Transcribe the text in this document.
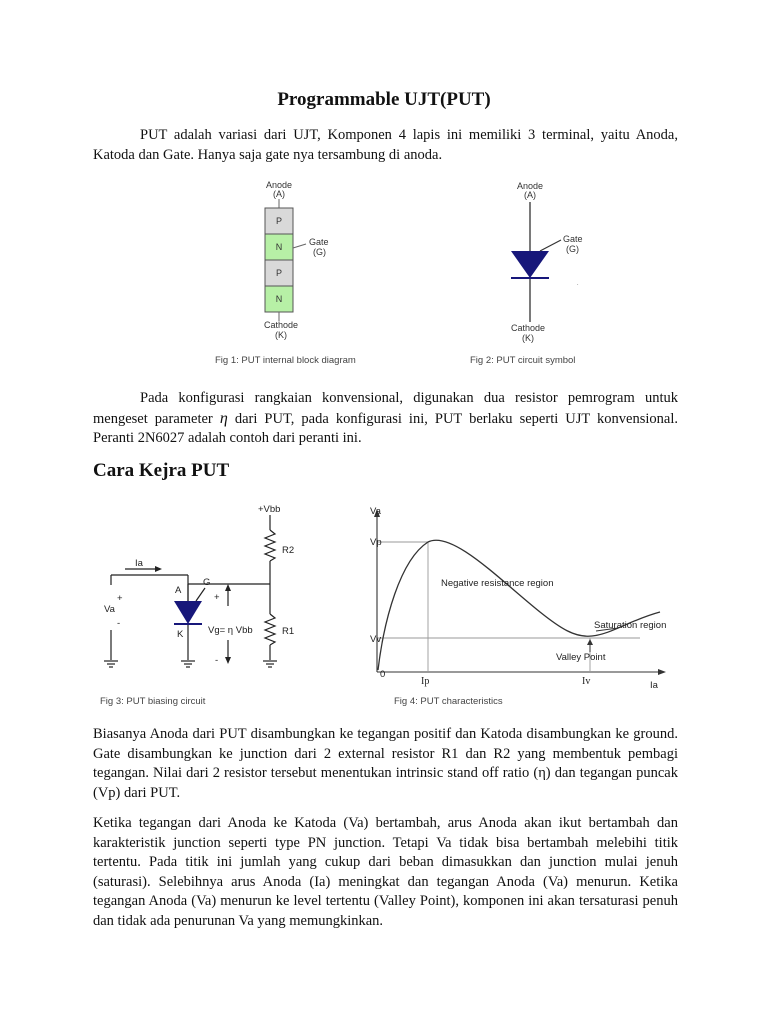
Programmable UJT(PUT)

PUT adalah variasi dari UJT, Komponen 4 lapis ini memiliki 3 terminal, yaitu Anoda, Katoda dan Gate. Hanya saja gate nya tersambung di anoda.

Anode
(A)
P
N
P
N
Gate
(G)
Cathode
(K)
Fig 1: PUT internal block diagram
Anode
(A)
Gate
(G)
.
Cathode
(K)
Fig 2: PUT circuit symbol

Pada konfigurasi rangkaian konvensional, digunakan dua resistor pemrogram untuk mengeset parameter η dari PUT, pada konfigurasi ini, PUT berlaku seperti UJT konvensional. Peranti 2N6027 adalah contoh dari peranti ini.

Cara Kejra PUT
+Vbb
R2
R1
Ia
A
G
K
Va
Vg= η Vbb
+
-
+
-
Fig 3: PUT biasing circuit
Va
Vp
Vv
0
Negative resistance region
Saturation region
Valley Point
Ia
Ip	Iv
Fig 4: PUT characteristics

Biasanya Anoda dari PUT disambungkan ke tegangan positif dan Katoda disambungkan ke ground. Gate disambungkan ke junction dari 2 external resistor R1 dan R2 yang membentuk pembagi tegangan. Nilai dari 2 resistor tersebut menentukan intrinsic stand off ratio (η) dan tegangan puncak (Vp) dari PUT.

Ketika tegangan dari Anoda ke Katoda (Va) bertambah, arus Anoda akan ikut bertambah dan karakteristik junction seperti type PN junction. Tetapi Va tidak bisa bertambah melebihi titik tertentu. Pada titik ini jumlah yang cukup dari beban dimasukkan dan junction mulai jenuh (saturasi). Selebihnya arus Anoda (Ia) meningkat dan tegangan Anoda (Va) menurun. Ketika tegangan Anoda (Va) menurun ke level tertentu (Valley Point), komponen ini akan tersaturasi penuh dan tidak ada penurunan Va yang memungkinkan.
